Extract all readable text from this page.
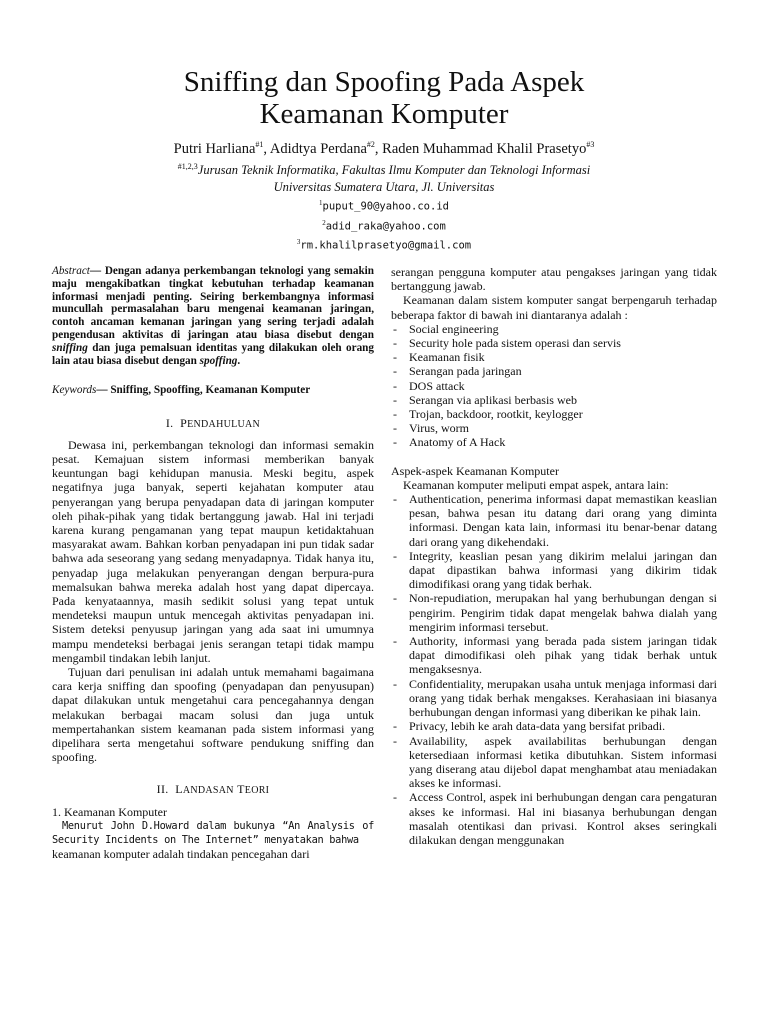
Sniffing dan Spoofing Pada Aspek
Keamanan Komputer
Putri Harliana$^{\#1}$, Adidtya Perdana$^{\#2}$, Raden Muhammad Khalil Prasetyo$^{\#3}$
$^{\#1,2,3}$Jurusan Teknik Informatika, Fakultas Ilmu Komputer dan Teknologi Informasi
Universitas Sumatera Utara, Jl. Universitas
$^1$puput_90@yahoo.co.id
$^2$adid_raka@yahoo.com
$^3$rm.khalilprasetyo@gmail.com

Abstract— Dengan adanya perkembangan teknologi yang semakin maju mengakibatkan tingkat kebutuhan terhadap keamanan informasi menjadi penting. Seiring berkembangnya informasi muncullah permasalahan baru mengenai keamanan jaringan, contoh ancaman kemanan jaringan yang sering terjadi adalah pengendusan aktivitas di jaringan atau biasa disebut dengan sniffing dan juga pemalsuan identitas yang dilakukan oleh orang lain atau biasa disebut dengan spoffing.

Keywords— Sniffing, Spooffing, Keamanan Komputer

I. PENDAHULUAN

Dewasa ini, perkembangan teknologi dan informasi semakin pesat. Kemajuan sistem informasi memberikan banyak keuntungan bagi kehidupan manusia. Meski begitu, aspek negatifnya juga banyak, seperti kejahatan komputer atau penyerangan yang berupa penyadapan data di jaringan komputer oleh pihak-pihak yang tidak bertanggung jawab. Hal ini terjadi karena kurang pengamanan yang tepat maupun ketidaktahuan masyarakat awam. Bahkan korban penyadapan ini pun tidak sadar bahwa ada seseorang yang sedang menyadapnya. Tidak hanya itu, penyadap juga melakukan penyerangan dengan berpura-pura memalsukan bahwa mereka adalah host yang dapat dipercaya. Pada kenyataannya, masih sedikit solusi yang tepat untuk mendeteksi maupun untuk mencegah aktivitas penyadapan ini. Sistem deteksi penyusup jaringan yang ada saat ini umumnya mampu mendeteksi berbagai jenis serangan tetapi tidak mampu mengambil tindakan lebih lanjut.

Tujuan dari penulisan ini adalah untuk memahami bagaimana cara kerja sniffing dan spoofing (penyadapan dan penyusupan) dapat dilakukan untuk mengetahui cara pencegahannya dengan melakukan berbagai macam solusi dan juga untuk mempertahankan sistem keamanan pada sistem informasi yang dipelihara serta mengetahui software pendukung sniffing dan spoofing.

II. LANDASAN TEORI

1. Keamanan Komputer

Menurut John D.Howard dalam bukunya “An Analysis of Security Incidents on The Internet” menyatakan bahwa

keamanan komputer adalah tindakan pencegahan dari

serangan pengguna komputer atau pengakses jaringan yang tidak bertanggung jawab.

Keamanan dalam sistem komputer sangat berpengaruh terhadap beberapa faktor di bawah ini diantaranya adalah :

- Social engineering
- Security hole pada sistem operasi dan servis
- Keamanan fisik
- Serangan pada jaringan
- DOS attack
- Serangan via aplikasi berbasis web
- Trojan, backdoor, rootkit, keylogger
- Virus, worm
- Anatomy of A Hack

Aspek-aspek Keamanan Komputer

Keamanan komputer meliputi empat aspek, antara lain:

- Authentication, penerima informasi dapat memastikan keaslian pesan, bahwa pesan itu datang dari orang yang diminta informasi. Dengan kata lain, informasi itu benar-benar datang dari orang yang dikehendaki.
- Integrity, keaslian pesan yang dikirim melalui jaringan dan dapat dipastikan bahwa informasi yang dikirim tidak dimodifikasi orang yang tidak berhak.
- Non-repudiation, merupakan hal yang berhubungan dengan si pengirim. Pengirim tidak dapat mengelak bahwa dialah yang mengirim informasi tersebut.
- Authority, informasi yang berada pada sistem jaringan tidak dapat dimodifikasi oleh pihak yang tidak berhak untuk mengaksesnya.
- Confidentiality, merupakan usaha untuk menjaga informasi dari orang yang tidak berhak mengakses. Kerahasiaan ini biasanya berhubungan dengan informasi yang diberikan ke pihak lain.
- Privacy, lebih ke arah data-data yang bersifat pribadi.
- Availability, aspek availabilitas berhubungan dengan ketersediaan informasi ketika dibutuhkan. Sistem informasi yang diserang atau dijebol dapat menghambat atau meniadakan akses ke informasi.
- Access Control, aspek ini berhubungan dengan cara pengaturan akses ke informasi. Hal ini biasanya berhubungan dengan masalah otentikasi dan privasi. Kontrol akses seringkali dilakukan dengan menggunakan
